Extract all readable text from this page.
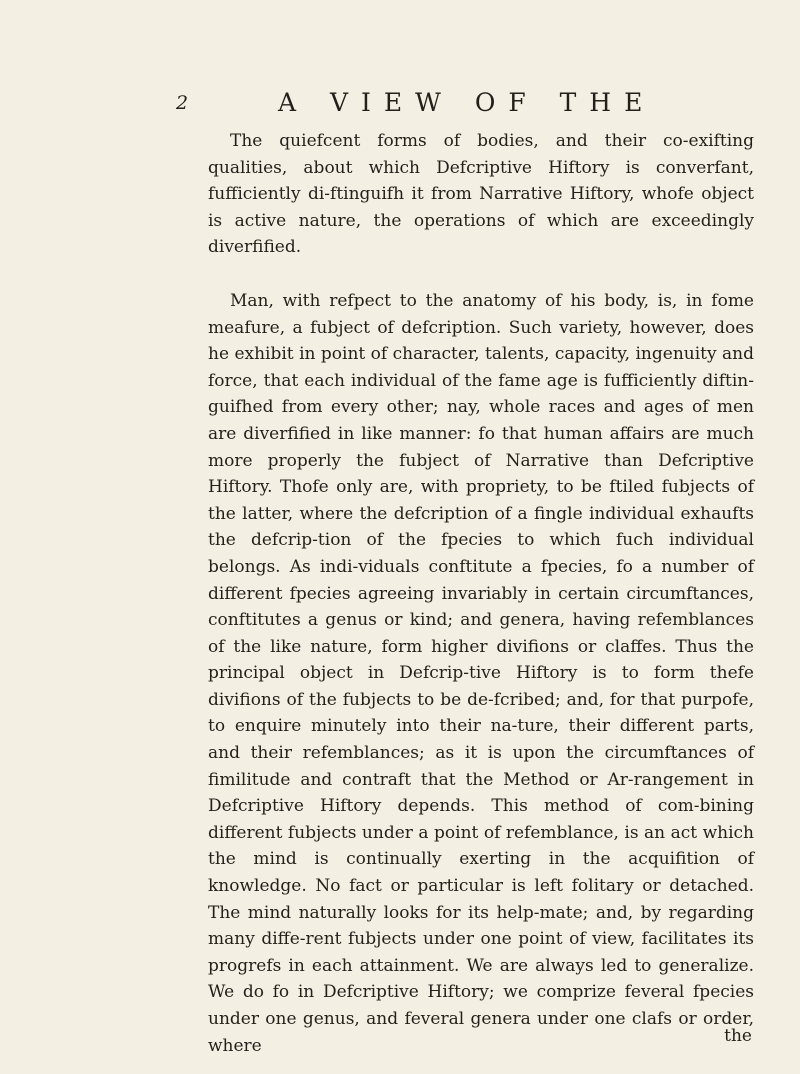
2	A VIEW OF THE

The quiefcent forms of bodies, and their co-exifting qualities, about which Defcriptive Hiftory is converfant, fufficiently di-ftinguifh it from Narrative Hiftory, whofe object is active nature, the operations of which are exceedingly diverfified.

Man, with refpect to the anatomy of his body, is, in fome meafure, a fubject of defcription. Such variety, however, does he exhibit in point of character, talents, capacity, ingenuity and force, that each individual of the fame age is fufficiently diftin-guifhed from every other; nay, whole races and ages of men are diverfified in like manner: fo that human affairs are much more properly the fubject of Narrative than Defcriptive Hiftory. Thofe only are, with propriety, to be ftiled fubjects of the latter, where the defcription of a fingle individual exhaufts the defcrip-tion of the fpecies to which fuch individual belongs. As indi-viduals conftitute a fpecies, fo a number of different fpecies agreeing invariably in certain circumftances, conftitutes a genus or kind; and genera, having refemblances of the like nature, form higher divifions or claffes. Thus the principal object in Defcrip-tive Hiftory is to form thefe divifions of the fubjects to be de-fcribed; and, for that purpofe, to enquire minutely into their na-ture, their different parts, and their refemblances; as it is upon the circumftances of fimilitude and contraft that the Method or Ar-rangement in Defcriptive Hiftory depends. This method of com-bining different fubjects under a point of refemblance, is an act which the mind is continually exerting in the acquifition of knowledge. No fact or particular is left folitary or detached. The mind naturally looks for its help-mate; and, by regarding many diffe-rent fubjects under one point of view, facilitates its progrefs in each attainment. We are always led to generalize. We do fo in Defcriptive Hiftory; we comprize feveral fpecies under one genus, and feveral genera under one clafs or order, where	the
